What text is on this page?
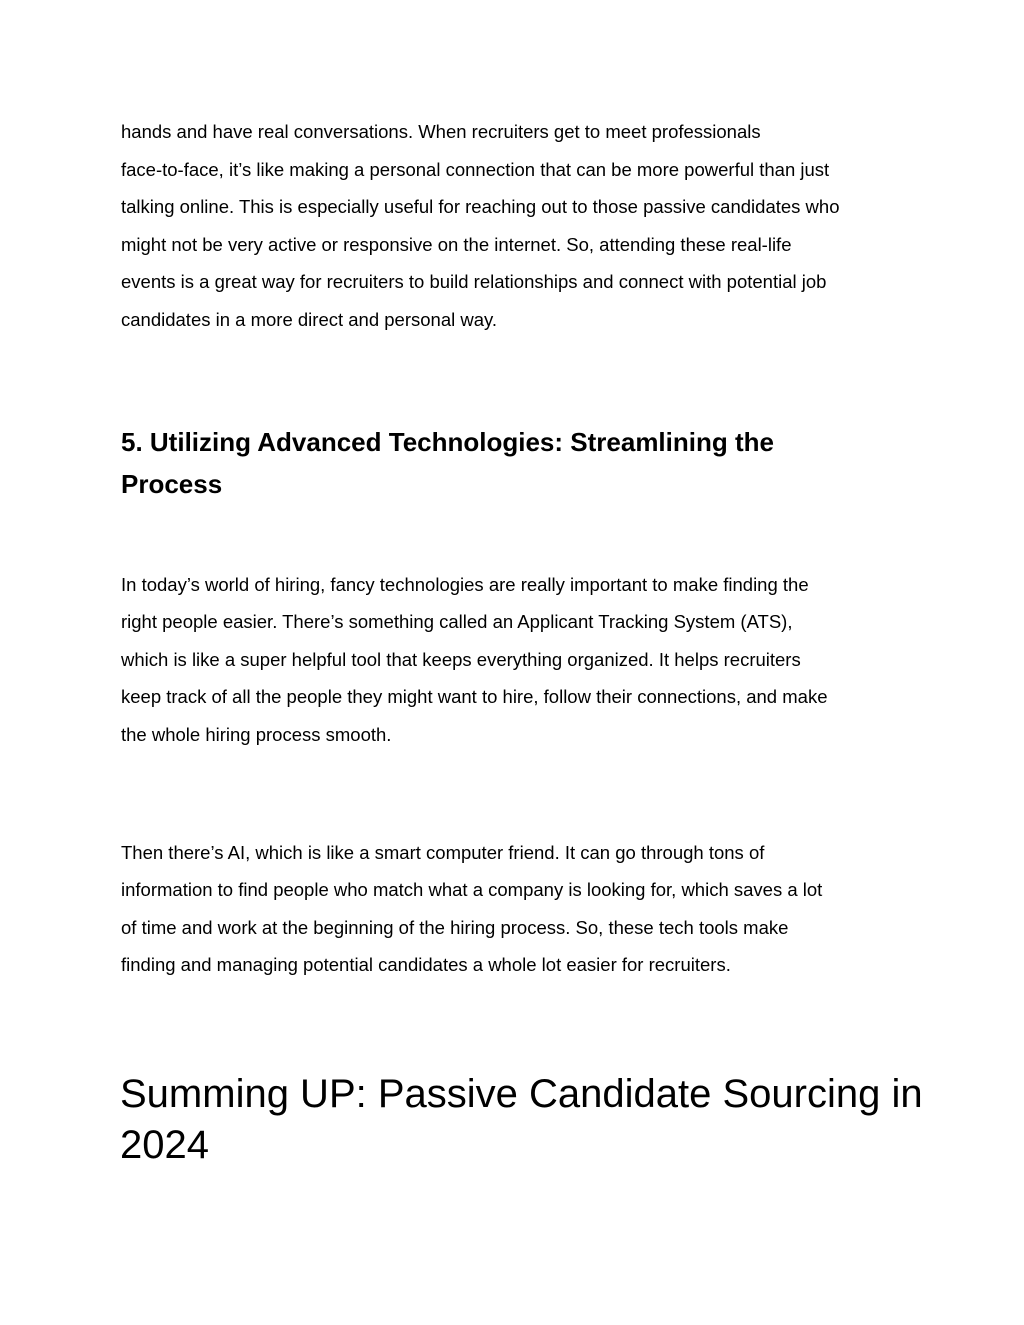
hands and have real conversations. When recruiters get to meet professionals
face-to-face, it’s like making a personal connection that can be more powerful than just
talking online. This is especially useful for reaching out to those passive candidates who
might not be very active or responsive on the internet. So, attending these real-life
events is a great way for recruiters to build relationships and connect with potential job
candidates in a more direct and personal way.
5. Utilizing Advanced Technologies: Streamlining the
Process
In today’s world of hiring, fancy technologies are really important to make finding the
right people easier. There’s something called an Applicant Tracking System (ATS),
which is like a super helpful tool that keeps everything organized. It helps recruiters
keep track of all the people they might want to hire, follow their connections, and make
the whole hiring process smooth.
Then there’s AI, which is like a smart computer friend. It can go through tons of
information to find people who match what a company is looking for, which saves a lot
of time and work at the beginning of the hiring process. So, these tech tools make
finding and managing potential candidates a whole lot easier for recruiters.
Summing UP: Passive Candidate Sourcing in
2024
